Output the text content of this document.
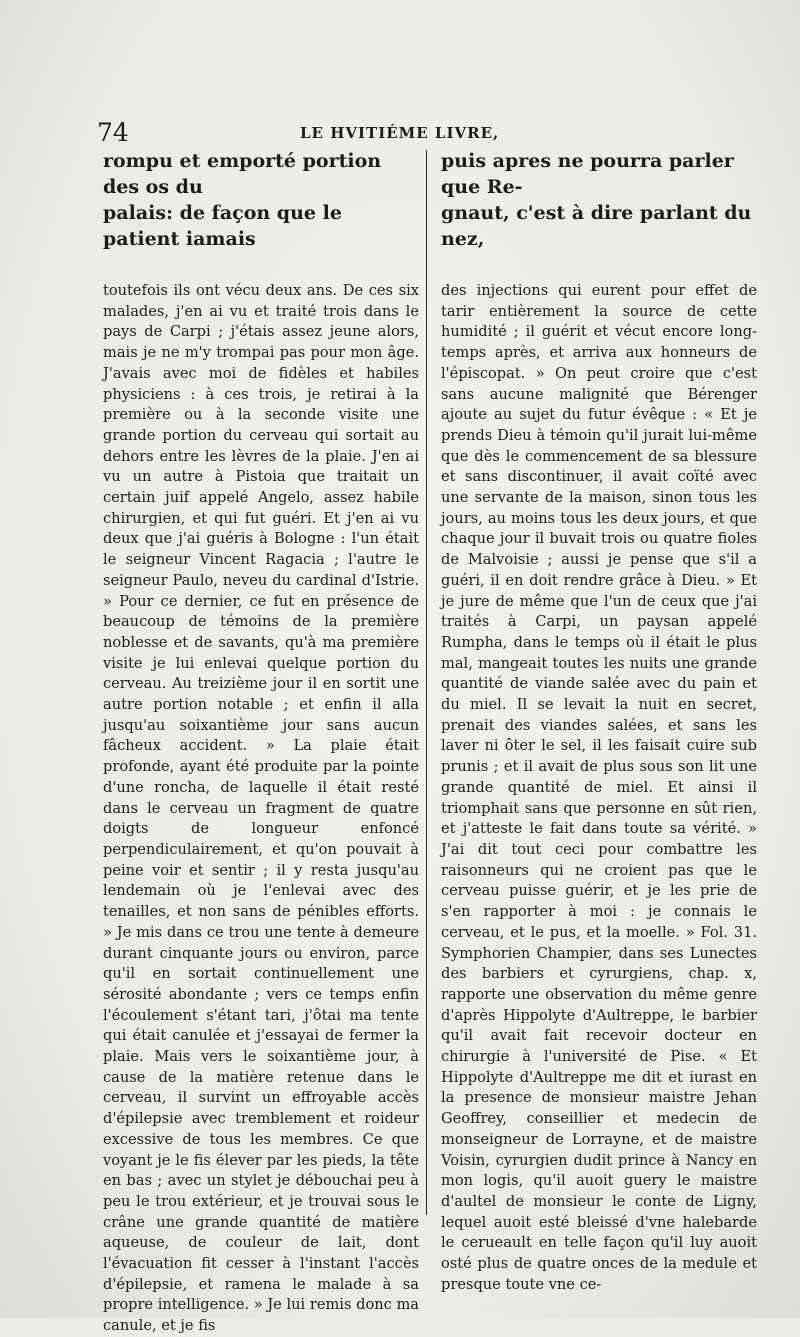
74	LE HVITIÉME LIVRE,

rompu et emporté portion des os du
palais: de façon que le patient iamais

toutefois ils ont vécu deux ans. De ces six malades, j'en ai vu et traité trois dans le pays de Carpi ; j'étais assez jeune alors, mais je ne m'y trompai pas pour mon âge. J'avais avec moi de fidèles et habiles physiciens : à ces trois, je retirai à la première ou à la seconde visite une grande portion du cerveau qui sortait au dehors entre les lèvres de la plaie. J'en ai vu un autre à Pistoia que traitait un certain juif appelé Angelo, assez habile chirurgien, et qui fut guéri. Et j'en ai vu deux que j'ai guéris à Bologne : l'un était le seigneur Vincent Ragacia ; l'autre le seigneur Paulo, neveu du cardinal d'Istrie. » Pour ce dernier, ce fut en présence de beaucoup de témoins de la première noblesse et de savants, qu'à ma première visite je lui enlevai quelque portion du cerveau. Au treizième jour il en sortit une autre portion notable ; et enfin il alla jusqu'au soixantième jour sans aucun fâcheux accident. » La plaie était profonde, ayant été produite par la pointe d'une roncha, de laquelle il était resté dans le cerveau un fragment de quatre doigts de longueur enfoncé perpendiculairement, et qu'on pouvait à peine voir et sentir ; il y resta jusqu'au lendemain où je l'enlevai avec des tenailles, et non sans de pénibles efforts. » Je mis dans ce trou une tente à demeure durant cinquante jours ou environ, parce qu'il en sortait continuellement une sérosité abondante ; vers ce temps enfin l'écoulement s'étant tari, j'ôtai ma tente qui était canulée et j'essayai de fermer la plaie. Mais vers le soixantième jour, à cause de la matière retenue dans le cerveau, il survint un effroyable accès d'épilepsie avec tremblement et roideur excessive de tous les membres. Ce que voyant je le fis élever par les pieds, la tête en bas ; avec un stylet je débouchai peu à peu le trou extérieur, et je trouvai sous le crâne une grande quantité de matière aqueuse, de couleur de lait, dont l'évacuation fit cesser à l'instant l'accès d'épilepsie, et ramena le malade à sa propre intelligence. » Je lui remis donc ma canule, et je fis

puis apres ne pourra parler que Re-
gnaut, c'est à dire parlant du nez,

des injections qui eurent pour effet de tarir entièrement la source de cette humidité ; il guérit et vécut encore long-temps après, et arriva aux honneurs de l'épiscopat. » On peut croire que c'est sans aucune malignité que Bérenger ajoute au sujet du futur évêque : « Et je prends Dieu à témoin qu'il jurait lui-même que dès le commencement de sa blessure et sans discontinuer, il avait coïté avec une servante de la maison, sinon tous les jours, au moins tous les deux jours, et que chaque jour il buvait trois ou quatre fioles de Malvoisie ; aussi je pense que s'il a guéri, il en doit rendre grâce à Dieu. » Et je jure de même que l'un de ceux que j'ai traités à Carpi, un paysan appelé Rumpha, dans le temps où il était le plus mal, mangeait toutes les nuits une grande quantité de viande salée avec du pain et du miel. Il se levait la nuit en secret, prenait des viandes salées, et sans les laver ni ôter le sel, il les faisait cuire sub prunis ; et il avait de plus sous son lit une grande quantité de miel. Et ainsi il triomphait sans que personne en sût rien, et j'atteste le fait dans toute sa vérité. » J'ai dit tout ceci pour combattre les raisonneurs qui ne croient pas que le cerveau puisse guérir, et je les prie de s'en rapporter à moi : je connais le cerveau, et le pus, et la moelle. » Fol. 31. Symphorien Champier, dans ses Lunectes des barbiers et cyrurgiens, chap. x, rapporte une observation du même genre d'après Hippolyte d'Aultreppe, le barbier qu'il avait fait recevoir docteur en chirurgie à l'université de Pise. « Et Hippolyte d'Aultreppe me dit et iurast en la presence de monsieur maistre Jehan Geoffrey, conseillier et medecin de monseigneur de Lorrayne, et de maistre Voisin, cyrurgien dudit prince à Nancy en mon logis, qu'il auoit guery le maistre d'aultel de monsieur le conte de Ligny, lequel auoit esté bleissé d'vne halebarde le cerueault en telle façon qu'il luy auoit osté plus de quatre onces de la medule et presque toute vne ce-
